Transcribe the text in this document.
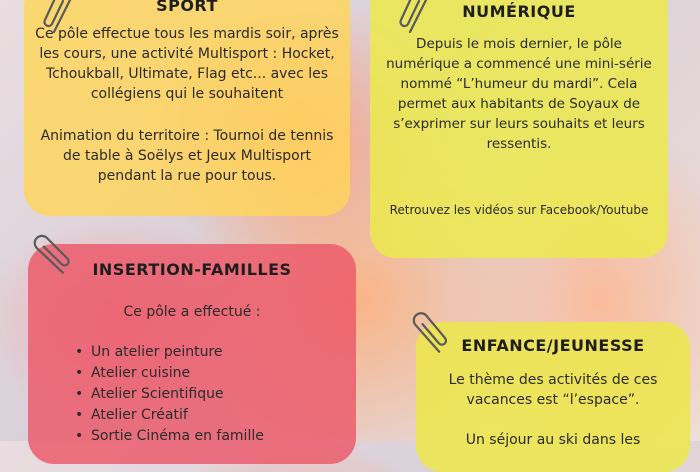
SPORT

Ce pôle effectue tous les mardis soir, après les cours, une activité Multisport : Hocket, Tchoukball, Ultimate, Flag etc... avec les collégiens qui le souhaitent

Animation du territoire : Tournoi de tennis de table à Soëlys et Jeux Multisport pendant la rue pour tous.

NUMÉRIQUE

Depuis le mois dernier, le pôle numérique a commencé une mini-série nommé “L’humeur du mardi”. Cela permet aux habitants de Soyaux de s’exprimer sur leurs souhaits et leurs ressentis.

Retrouvez les vidéos sur Facebook/Youtube

INSERTION-FAMILLES

Ce pôle a effectué :

• Un atelier peinture
• Atelier cuisine
• Atelier Scientifique
• Atelier Créatif
• Sortie Cinéma en famille
ENFANCE/JEUNESSE

Le thème des activités de ces vacances est “l’espace”.

Un séjour au ski dans les
